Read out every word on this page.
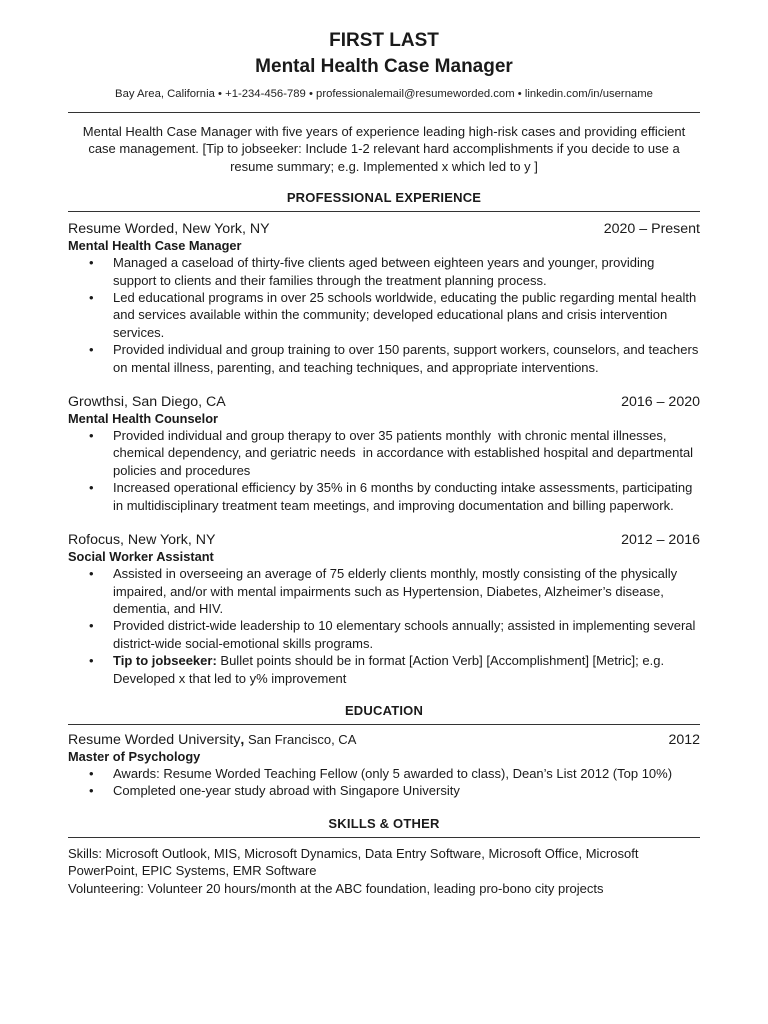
FIRST LAST
Mental Health Case Manager
Bay Area, California • +1-234-456-789 • professionalemail@resumeworded.com • linkedin.com/in/username
Mental Health Case Manager with five years of experience leading high-risk cases and providing efficient case management. [Tip to jobseeker: Include 1-2 relevant hard accomplishments if you decide to use a resume summary; e.g. Implemented x which led to y ]
PROFESSIONAL EXPERIENCE
Resume Worded, New York, NY	2020 – Present
Mental Health Case Manager
• Managed a caseload of thirty-five clients aged between eighteen years and younger, providing support to clients and their families through the treatment planning process.
• Led educational programs in over 25 schools worldwide, educating the public regarding mental health and services available within the community; developed educational plans and crisis intervention services.
• Provided individual and group training to over 150 parents, support workers, counselors, and teachers on mental illness, parenting, and teaching techniques, and appropriate interventions.
Growthsi, San Diego, CA	2016 – 2020
Mental Health Counselor
• Provided individual and group therapy to over 35 patients monthly  with chronic mental illnesses, chemical dependency, and geriatric needs  in accordance with established hospital and departmental policies and procedures
• Increased operational efficiency by 35% in 6 months by conducting intake assessments, participating in multidisciplinary treatment team meetings, and improving documentation and billing paperwork.
Rofocus, New York, NY	2012 – 2016
Social Worker Assistant
• Assisted in overseeing an average of 75 elderly clients monthly, mostly consisting of the physically impaired, and/or with mental impairments such as Hypertension, Diabetes, Alzheimer’s disease, dementia, and HIV.
• Provided district-wide leadership to 10 elementary schools annually; assisted in implementing several district-wide social-emotional skills programs.
• Tip to jobseeker: Bullet points should be in format [Action Verb] [Accomplishment] [Metric]; e.g. Developed x that led to y% improvement
EDUCATION
Resume Worded University, San Francisco, CA	2012
Master of Psychology
• Awards: Resume Worded Teaching Fellow (only 5 awarded to class), Dean’s List 2012 (Top 10%)
• Completed one-year study abroad with Singapore University
SKILLS & OTHER
Skills: Microsoft Outlook, MIS, Microsoft Dynamics, Data Entry Software, Microsoft Office, Microsoft PowerPoint, EPIC Systems, EMR Software
Volunteering: Volunteer 20 hours/month at the ABC foundation, leading pro-bono city projects
